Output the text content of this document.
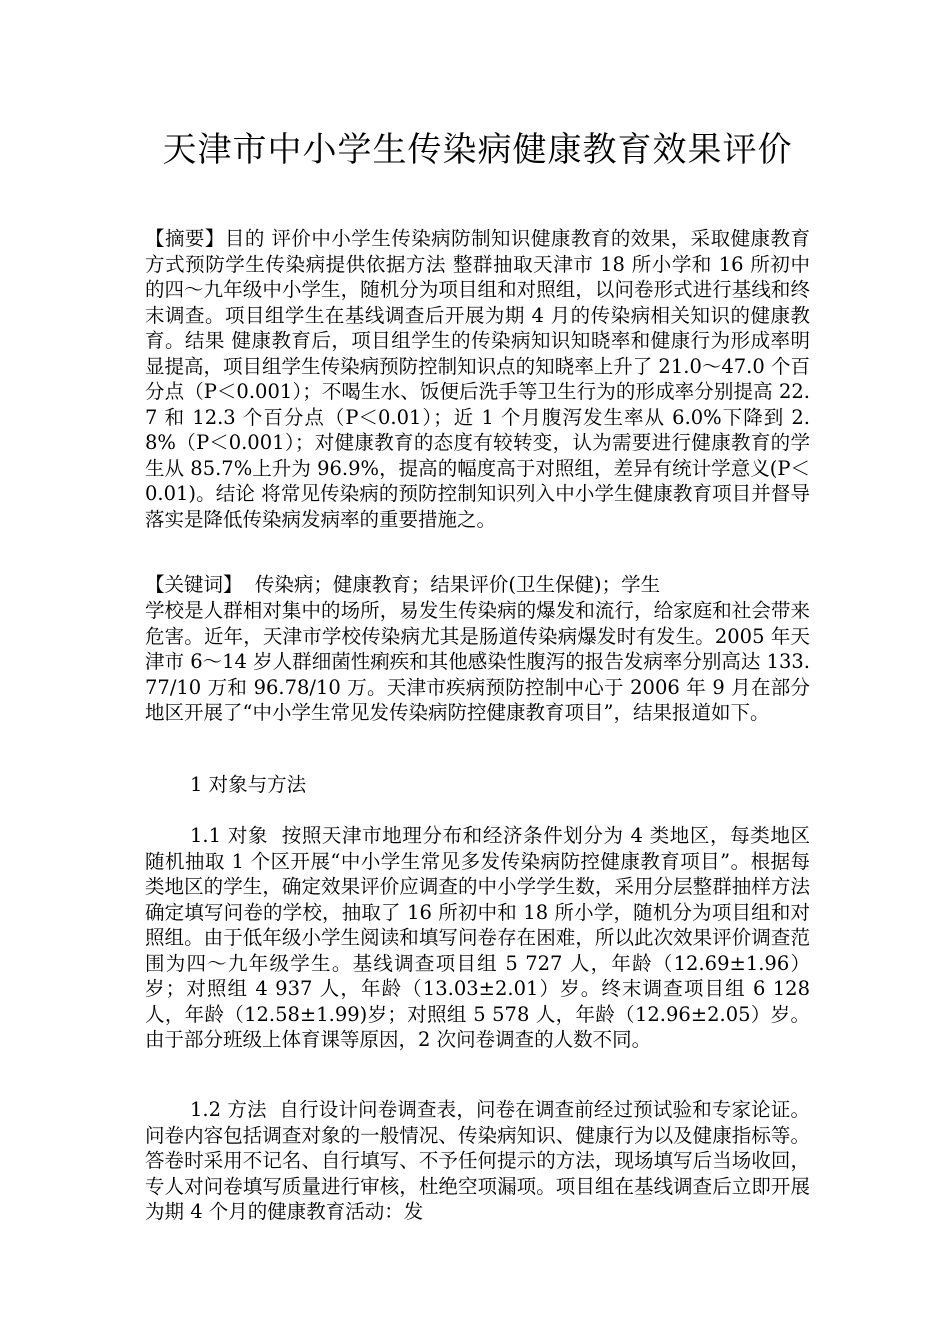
天津市中小学生传染病健康教育效果评价
【摘要】目的 评价中小学生传染病防制知识健康教育的效果，采取健康教育方式预防学生传染病提供依据方法 整群抽取天津市 18 所小学和 16 所初中的四～九年级中小学生，随机分为项目组和对照组，以问卷形式进行基线和终末调查。项目组学生在基线调查后开展为期 4 月的传染病相关知识的健康教育。结果 健康教育后，项目组学生的传染病知识知晓率和健康行为形成率明显提高，项目组学生传染病预防控制知识点的知晓率上升了 21.0～47.0 个百分点（P＜0.001）；不喝生水、饭便后洗手等卫生行为的形成率分别提高 22.7 和 12.3 个百分点（P＜0.01）；近 1 个月腹泻发生率从 6.0%下降到 2.8%（P＜0.001）；对健康教育的态度有较转变，认为需要进行健康教育的学生从 85.7%上升为 96.9%，提高的幅度高于对照组，差异有统计学意义(P＜0.01)。结论 将常见传染病的预防控制知识列入中小学生健康教育项目并督导落实是降低传染病发病率的重要措施之。
【关键词】 传染病；健康教育；结果评价(卫生保健)；学生
学校是人群相对集中的场所，易发生传染病的爆发和流行，给家庭和社会带来危害。近年，天津市学校传染病尤其是肠道传染病爆发时有发生。2005 年天津市 6～14 岁人群细菌性痢疾和其他感染性腹泻的报告发病率分别高达 133.77/10 万和 96.78/10 万。天津市疾病预防控制中心于 2006 年 9 月在部分地区开展了“中小学生常见发传染病防控健康教育项目”，结果报道如下。
1 对象与方法
1.1 对象 按照天津市地理分布和经济条件划分为 4 类地区，每类地区随机抽取 1 个区开展“中小学生常见多发传染病防控健康教育项目”。根据每类地区的学生，确定效果评价应调查的中小学学生数，采用分层整群抽样方法确定填写问卷的学校，抽取了 16 所初中和 18 所小学，随机分为项目组和对照组。由于低年级小学生阅读和填写问卷存在困难，所以此次效果评价调查范围为四～九年级学生。基线调查项目组 5 727 人，年龄（12.69±1.96）岁；对照组 4 937 人，年龄（13.03±2.01）岁。终末调查项目组 6 128 人，年龄（12.58±1.99)岁；对照组 5 578 人，年龄（12.96±2.05）岁。由于部分班级上体育课等原因，2 次问卷调查的人数不同。
1.2 方法 自行设计问卷调查表，问卷在调查前经过预试验和专家论证。问卷内容包括调查对象的一般情况、传染病知识、健康行为以及健康指标等。答卷时采用不记名、自行填写、不予任何提示的方法，现场填写后当场收回，专人对问卷填写质量进行审核，杜绝空项漏项。项目组在基线调查后立即开展为期 4 个月的健康教育活动：发
